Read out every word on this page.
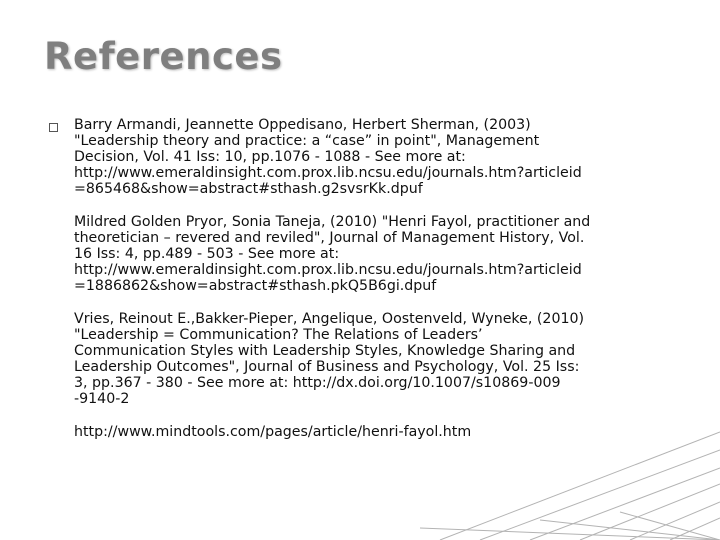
References
Barry Armandi, Jeannette Oppedisano, Herbert Sherman, (2003)
"Leadership theory and practice: a “case” in point", Management
Decision, Vol. 41 Iss: 10, pp.1076 - 1088 - See more at:
http://www.emeraldinsight.com.prox.lib.ncsu.edu/journals.htm?articleid
=865468&show=abstract#sthash.g2svsrKk.dpuf
Mildred Golden Pryor, Sonia Taneja, (2010) "Henri Fayol, practitioner and
theoretician – revered and reviled", Journal of Management History, Vol.
16 Iss: 4, pp.489 - 503 - See more at:
http://www.emeraldinsight.com.prox.lib.ncsu.edu/journals.htm?articleid
=1886862&show=abstract#sthash.pkQ5B6gi.dpuf
Vries, Reinout E.,Bakker-Pieper, Angelique, Oostenveld, Wyneke, (2010)
"Leadership = Communication? The Relations of Leaders’
Communication Styles with Leadership Styles, Knowledge Sharing and
Leadership Outcomes", Journal of Business and Psychology, Vol. 25 Iss:
3, pp.367 - 380 - See more at: http://dx.doi.org/10.1007/s10869-009
-9140-2
http://www.mindtools.com/pages/article/henri-fayol.htm
